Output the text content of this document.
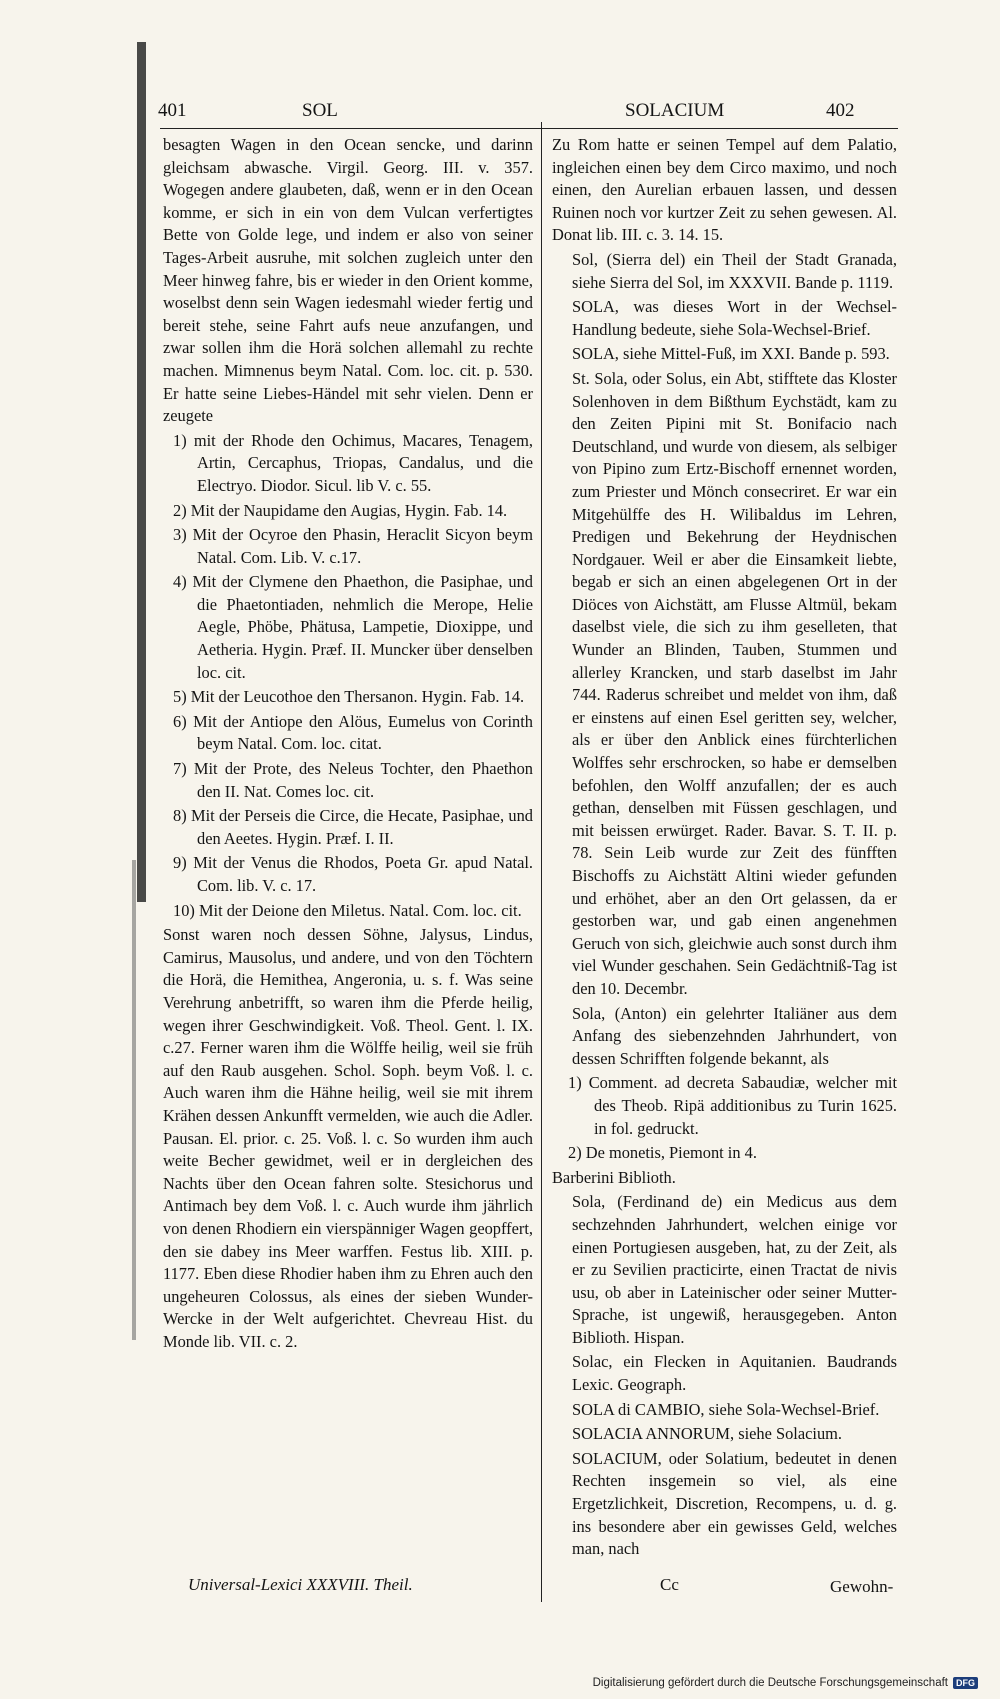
401	SOL	SOLACIUM	402

besagten Wagen in den Ocean sencke, und darinn gleichsam abwasche. Virgil. Georg. III. v. 357. Wogegen andere glaubeten, daß, wenn er in den Ocean komme, er sich in ein von dem Vulcan verfertigtes Bette von Golde lege, und indem er also von seiner Tages-Arbeit ausruhe, mit solchen zugleich unter den Meer hinweg fahre, bis er wieder in den Orient komme, woselbst denn sein Wagen iedesmahl wieder fertig und bereit stehe, seine Fahrt aufs neue anzufangen, und zwar sollen ihm die Horä solchen allemahl zu rechte machen. Mimnenus beym Natal. Com. loc. cit. p. 530. Er hatte seine Liebes-Händel mit sehr vielen. Denn er zeugete

1) mit der Rhode den Ochimus, Macares, Tenagem, Artin, Cercaphus, Triopas, Candalus, und die Electryo. Diodor. Sicul. lib V. c. 55.

2) Mit der Naupidame den Augias, Hygin. Fab. 14.

3) Mit der Ocyroe den Phasin, Heraclit Sicyon beym Natal. Com. Lib. V. c.17.

4) Mit der Clymene den Phaethon, die Pasiphae, und die Phaetontiaden, nehmlich die Merope, Helie Aegle, Phöbe, Phätusa, Lampetie, Dioxippe, und Aetheria. Hygin. Præf. II. Muncker über denselben loc. cit.

5) Mit der Leucothoe den Thersanon. Hygin. Fab. 14.

6) Mit der Antiope den Alöus, Eumelus von Corinth beym Natal. Com. loc. citat.

7) Mit der Prote, des Neleus Tochter, den Phaethon den II. Nat. Comes loc. cit.

8) Mit der Perseis die Circe, die Hecate, Pasiphae, und den Aeetes. Hygin. Præf. I. II.

9) Mit der Venus die Rhodos, Poeta Gr. apud Natal. Com. lib. V. c. 17.

10) Mit der Deione den Miletus. Natal. Com. loc. cit.

Sonst waren noch dessen Söhne, Jalysus, Lindus, Camirus, Mausolus, und andere, und von den Töchtern die Horä, die Hemithea, Angeronia, u. s. f. Was seine Verehrung anbetrifft, so waren ihm die Pferde heilig, wegen ihrer Geschwindigkeit. Voß. Theol. Gent. l. IX. c.27. Ferner waren ihm die Wölffe heilig, weil sie früh auf den Raub ausgehen. Schol. Soph. beym Voß. l. c. Auch waren ihm die Hähne heilig, weil sie mit ihrem Krähen dessen Ankunfft vermelden, wie auch die Adler. Pausan. El. prior. c. 25. Voß. l. c. So wurden ihm auch weite Becher gewidmet, weil er in dergleichen des Nachts über den Ocean fahren solte. Stesichorus und Antimach bey dem Voß. l. c. Auch wurde ihm jährlich von denen Rhodiern ein vierspänniger Wagen geopffert, den sie dabey ins Meer warffen. Festus lib. XIII. p. 1177. Eben diese Rhodier haben ihm zu Ehren auch den ungeheuren Colossus, als eines der sieben Wunder-Wercke in der Welt aufgerichtet. Chevreau Hist. du Monde lib. VII. c. 2.

Zu Rom hatte er seinen Tempel auf dem Palatio, ingleichen einen bey dem Circo maximo, und noch einen, den Aurelian erbauen lassen, und dessen Ruinen noch vor kurtzer Zeit zu sehen gewesen. Al. Donat lib. III. c. 3. 14. 15.

Sol, (Sierra del) ein Theil der Stadt Granada, siehe Sierra del Sol, im XXXVII. Bande p. 1119.

SOLA, was dieses Wort in der Wechsel-Handlung bedeute, siehe Sola-Wechsel-Brief.

SOLA, siehe Mittel-Fuß, im XXI. Bande p. 593.

St. Sola, oder Solus, ein Abt, stifftete das Kloster Solenhoven in dem Bißthum Eychstädt, kam zu den Zeiten Pipini mit St. Bonifacio nach Deutschland, und wurde von diesem, als selbiger von Pipino zum Ertz-Bischoff ernennet worden, zum Priester und Mönch consecriret. Er war ein Mitgehülffe des H. Wilibaldus im Lehren, Predigen und Bekehrung der Heydnischen Nordgauer. Weil er aber die Einsamkeit liebte, begab er sich an einen abgelegenen Ort in der Diöces von Aichstätt, am Flusse Altmül, bekam daselbst viele, die sich zu ihm geselleten, that Wunder an Blinden, Tauben, Stummen und allerley Krancken, und starb daselbst im Jahr 744. Raderus schreibet und meldet von ihm, daß er einstens auf einen Esel geritten sey, welcher, als er über den Anblick eines fürchterlichen Wolffes sehr erschrocken, so habe er demselben befohlen, den Wolff anzufallen; der es auch gethan, denselben mit Füssen geschlagen, und mit beissen erwürget. Rader. Bavar. S. T. II. p. 78. Sein Leib wurde zur Zeit des fünfften Bischoffs zu Aichstätt Altini wieder gefunden und erhöhet, aber an den Ort gelassen, da er gestorben war, und gab einen angenehmen Geruch von sich, gleichwie auch sonst durch ihm viel Wunder geschahen. Sein Gedächtniß-Tag ist den 10. Decembr.

Sola, (Anton) ein gelehrter Italiäner aus dem Anfang des siebenzehnden Jahrhundert, von dessen Schrifften folgende bekannt, als

1) Comment. ad decreta Sabaudiæ, welcher mit des Theob. Ripä additionibus zu Turin 1625. in fol. gedruckt.

2) De monetis, Piemont in 4.

Barberini Biblioth.

Sola, (Ferdinand de) ein Medicus aus dem sechzehnden Jahrhundert, welchen einige vor einen Portugiesen ausgeben, hat, zu der Zeit, als er zu Sevilien practicirte, einen Tractat de nivis usu, ob aber in Lateinischer oder seiner Mutter-Sprache, ist ungewiß, herausgegeben. Anton Biblioth. Hispan.

Solac, ein Flecken in Aquitanien. Baudrands Lexic. Geograph.

SOLA di CAMBIO, siehe Sola-Wechsel-Brief.

SOLACIA ANNORUM, siehe Solacium.

SOLACIUM, oder Solatium, bedeutet in denen Rechten insgemein so viel, als eine Ergetzlichkeit, Discretion, Recompens, u. d. g. ins besondere aber ein gewisses Geld, welches man, nach

Universal-Lexici XXXVIII. Theil.	Cc	Gewohn-
Digitalisierung gefördert durch die Deutsche Forschungsgemeinschaft DFG
